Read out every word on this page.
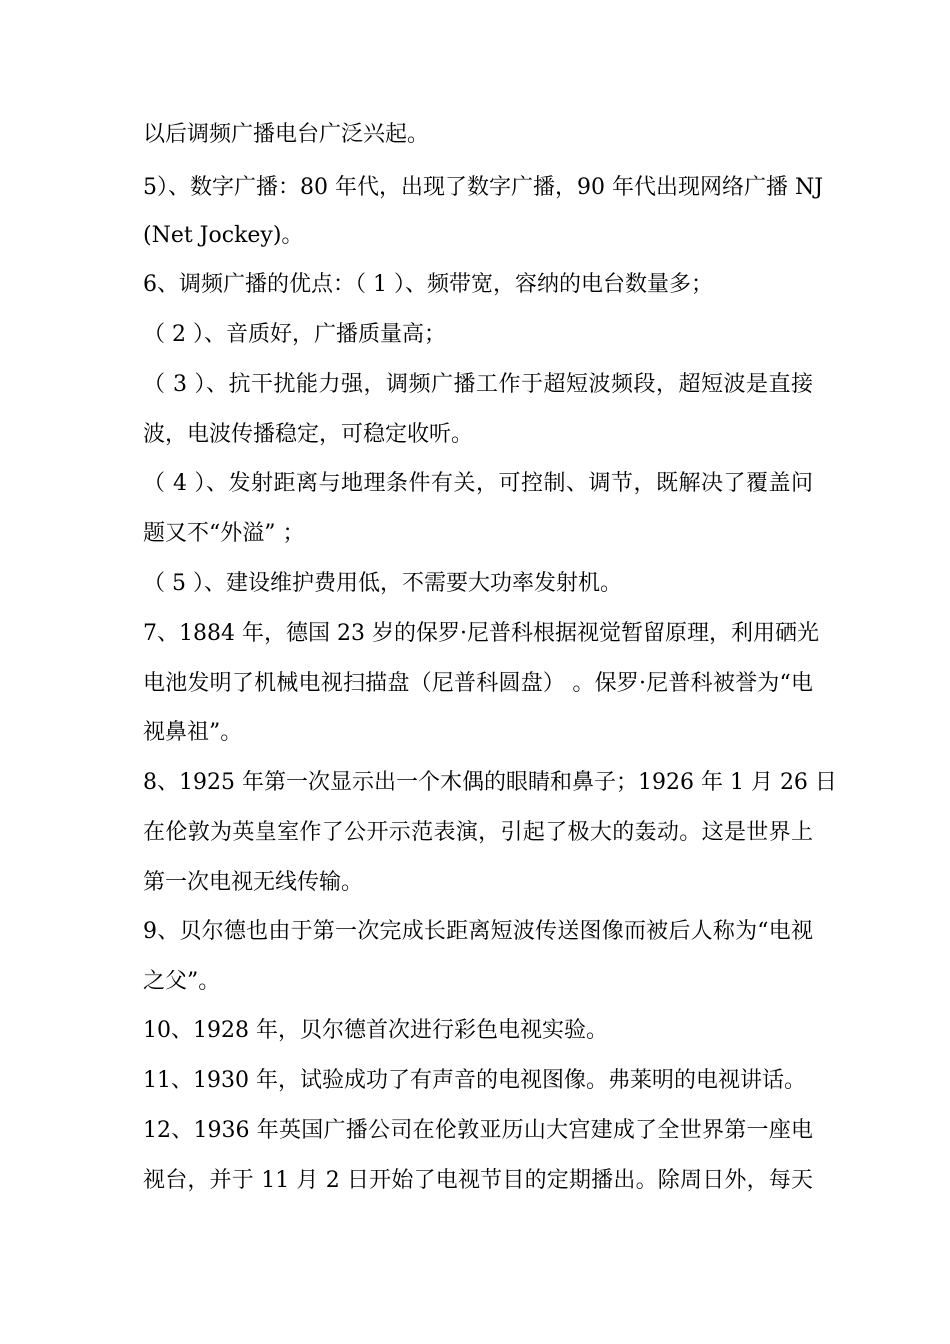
以后调频广播电台广泛兴起。
5）、数字广播：80 年代，出现了数字广播，90 年代出现网络广播 NJ
(Net Jockey)。
6、调频广播的优点：（ 1 ）、频带宽，容纳的电台数量多；
（ 2 ）、音质好，广播质量高；
（ 3 ）、抗干扰能力强，调频广播工作于超短波频段，超短波是直接
波，电波传播稳定，可稳定收听。
（ 4 ）、发射距离与地理条件有关，可控制、调节，既解决了覆盖问
题又不“外溢” ；
（ 5 ）、建设维护费用低，不需要大功率发射机。
7、1884 年，德国 23 岁的保罗·尼普科根据视觉暂留原理，利用硒光
电池发明了机械电视扫描盘（尼普科圆盘） 。保罗·尼普科被誉为“电
视鼻祖”。
8、1925 年第一次显示出一个木偶的眼睛和鼻子；1926 年 1 月 26 日
在伦敦为英皇室作了公开示范表演，引起了极大的轰动。这是世界上
第一次电视无线传输。
9、贝尔德也由于第一次完成长距离短波传送图像而被后人称为“电视
之父”。
10、1928 年，贝尔德首次进行彩色电视实验。
11、1930 年，试验成功了有声音的电视图像。弗莱明的电视讲话。
12、1936 年英国广播公司在伦敦亚历山大宫建成了全世界第一座电
视台，并于 11 月 2 日开始了电视节目的定期播出。除周日外，每天
